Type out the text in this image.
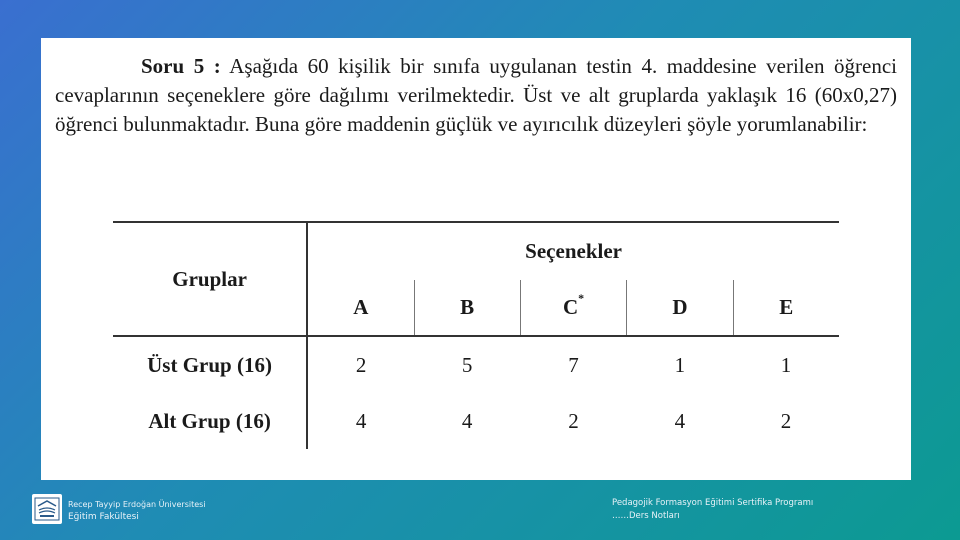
Soru 5 : Aşağıda 60 kişilik bir sınıfa uygulanan testin 4. maddesine verilen öğrenci cevaplarının seçeneklere göre dağılımı verilmektedir. Üst ve alt gruplarda yaklaşık 16 (60x0,27) öğrenci bulunmaktadır. Buna göre maddenin güçlük ve ayırıcılık düzeyleri şöyle yorumlanabilir:

Gruplar	Seçenekler				
	A	B	C*	D	E
Üst Grup (16)	2	5	7	1	1
Alt Grup (16)	4	4	2	4	2
Recep Tayyip Erdoğan Üniversitesi
Eğitim Fakültesi
Pedagojik Formasyon Eğitimi Sertifika Programı
……Ders Notları
